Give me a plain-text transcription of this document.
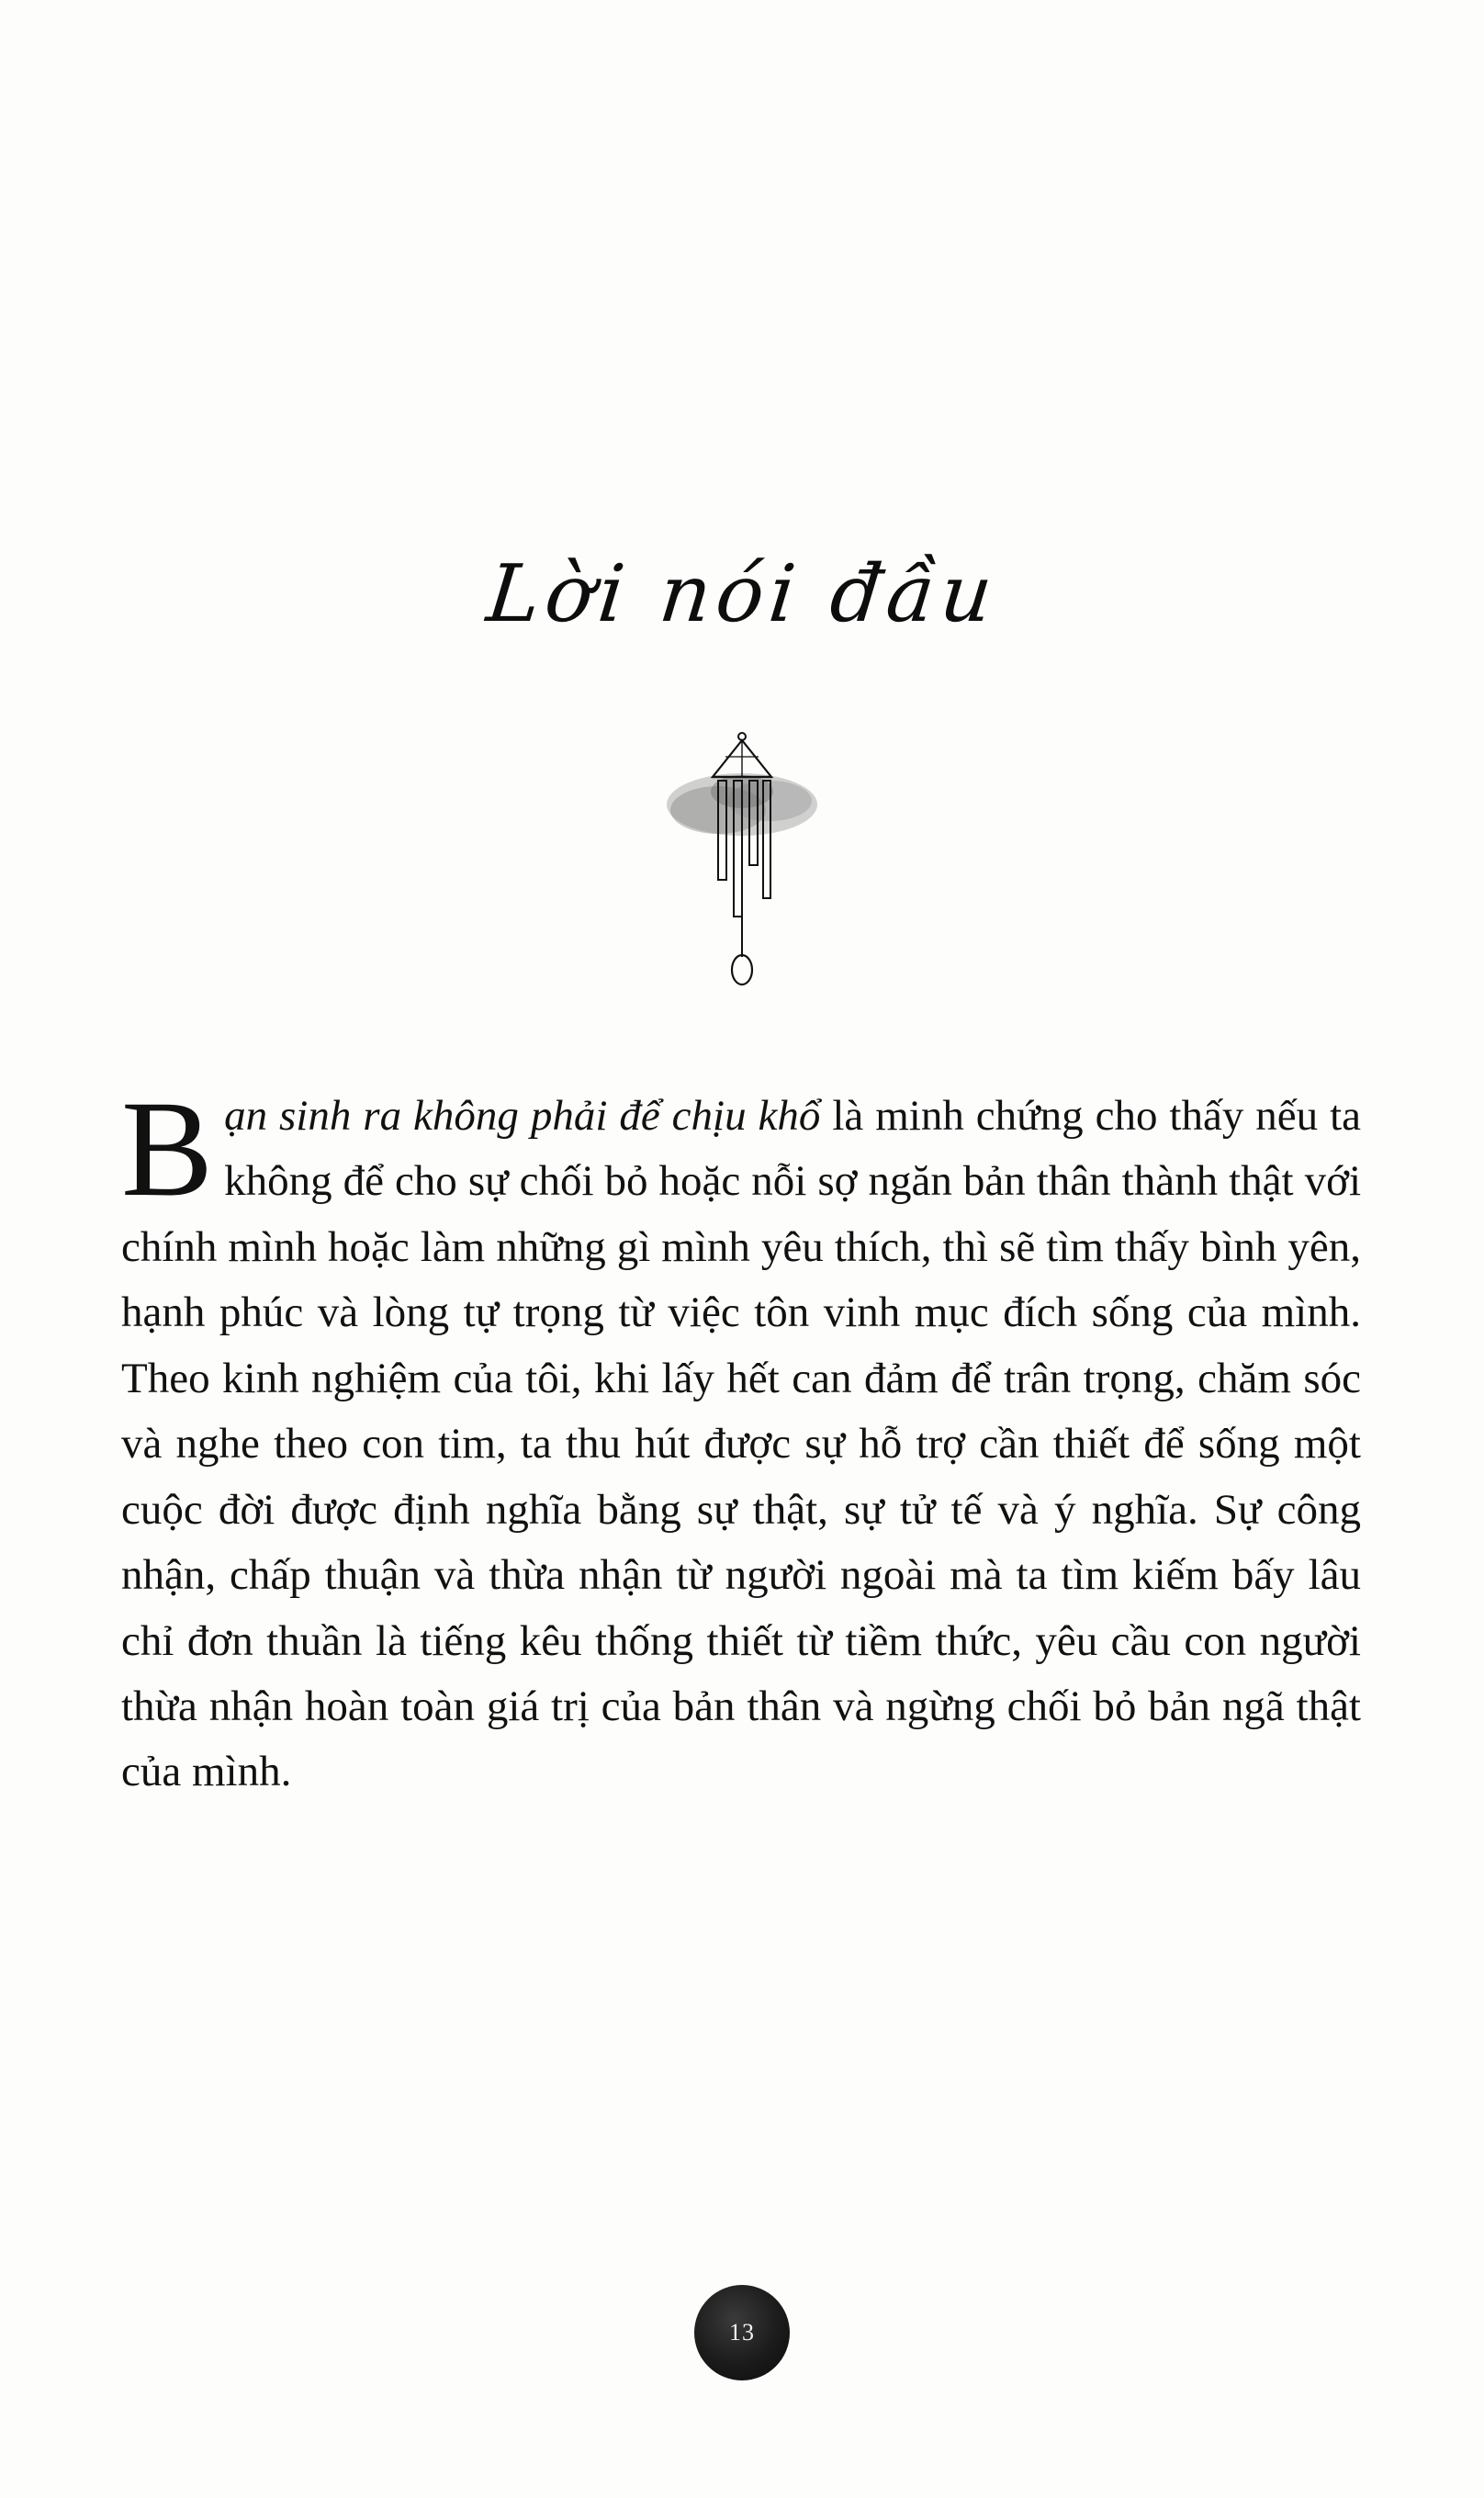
Lời nói đầu
Bạn sinh ra không phải để chịu khổ là minh chứng cho thấy nếu ta không để cho sự chối bỏ hoặc nỗi sợ ngăn bản thân thành thật với chính mình hoặc làm những gì mình yêu thích, thì sẽ tìm thấy bình yên, hạnh phúc và lòng tự trọng từ việc tôn vinh mục đích sống của mình. Theo kinh nghiệm của tôi, khi lấy hết can đảm để trân trọng, chăm sóc và nghe theo con tim, ta thu hút được sự hỗ trợ cần thiết để sống một cuộc đời được định nghĩa bằng sự thật, sự tử tế và ý nghĩa. Sự công nhận, chấp thuận và thừa nhận từ người ngoài mà ta tìm kiếm bấy lâu chỉ đơn thuần là tiếng kêu thống thiết từ tiềm thức, yêu cầu con người thừa nhận hoàn toàn giá trị của bản thân và ngừng chối bỏ bản ngã thật của mình.
13
